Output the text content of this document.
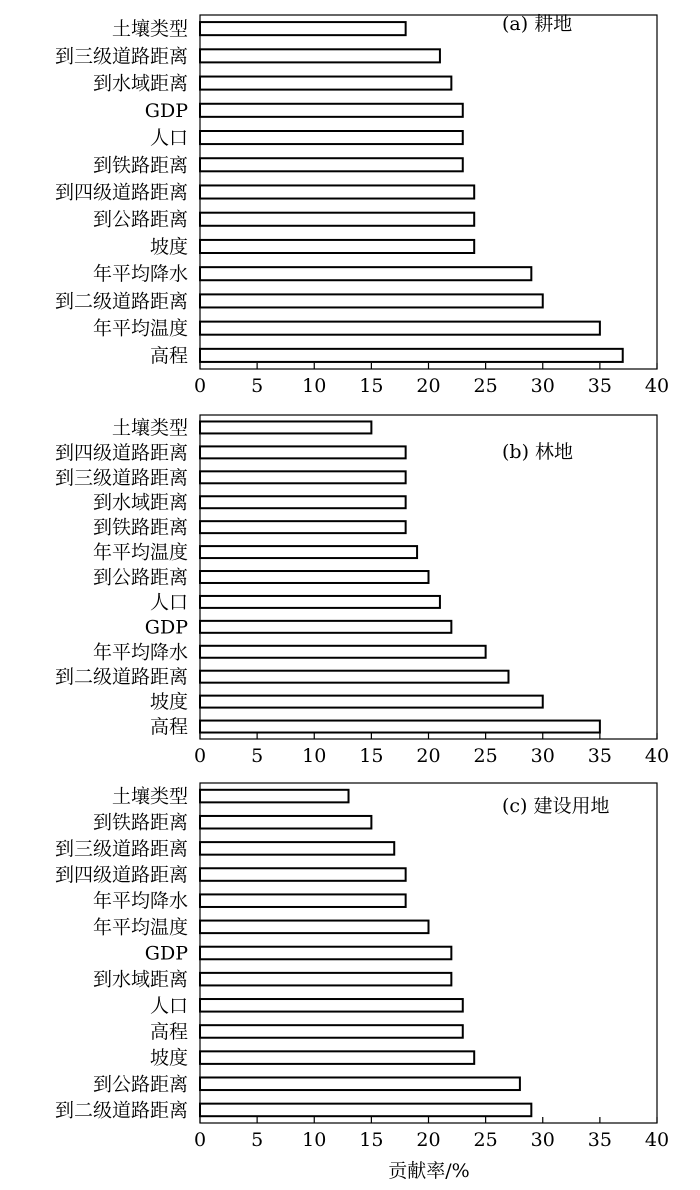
土壤类型
到三级道路距离
到水域距离
GDP
人口
到铁路距离
到四级道路距离
到公路距离
坡度
年平均降水
到二级道路距离
年平均温度
高程
0 5 10 15 20 25 30 35 40
(a) 耕地
土壤类型
到四级道路距离
到三级道路距离
到水域距离
到铁路距离
年平均温度
到公路距离
人口
GDP
年平均降水
到二级道路距离
坡度
高程
0 5 10 15 20 25 30 35 40
(b) 林地
土壤类型
到铁路距离
到三级道路距离
到四级道路距离
年平均降水
年平均温度
GDP
到水域距离
人口
高程
坡度
到公路距离
到二级道路距离
0 5 10 15 20 25 30 35 40
(c) 建设用地
贡献率/%
